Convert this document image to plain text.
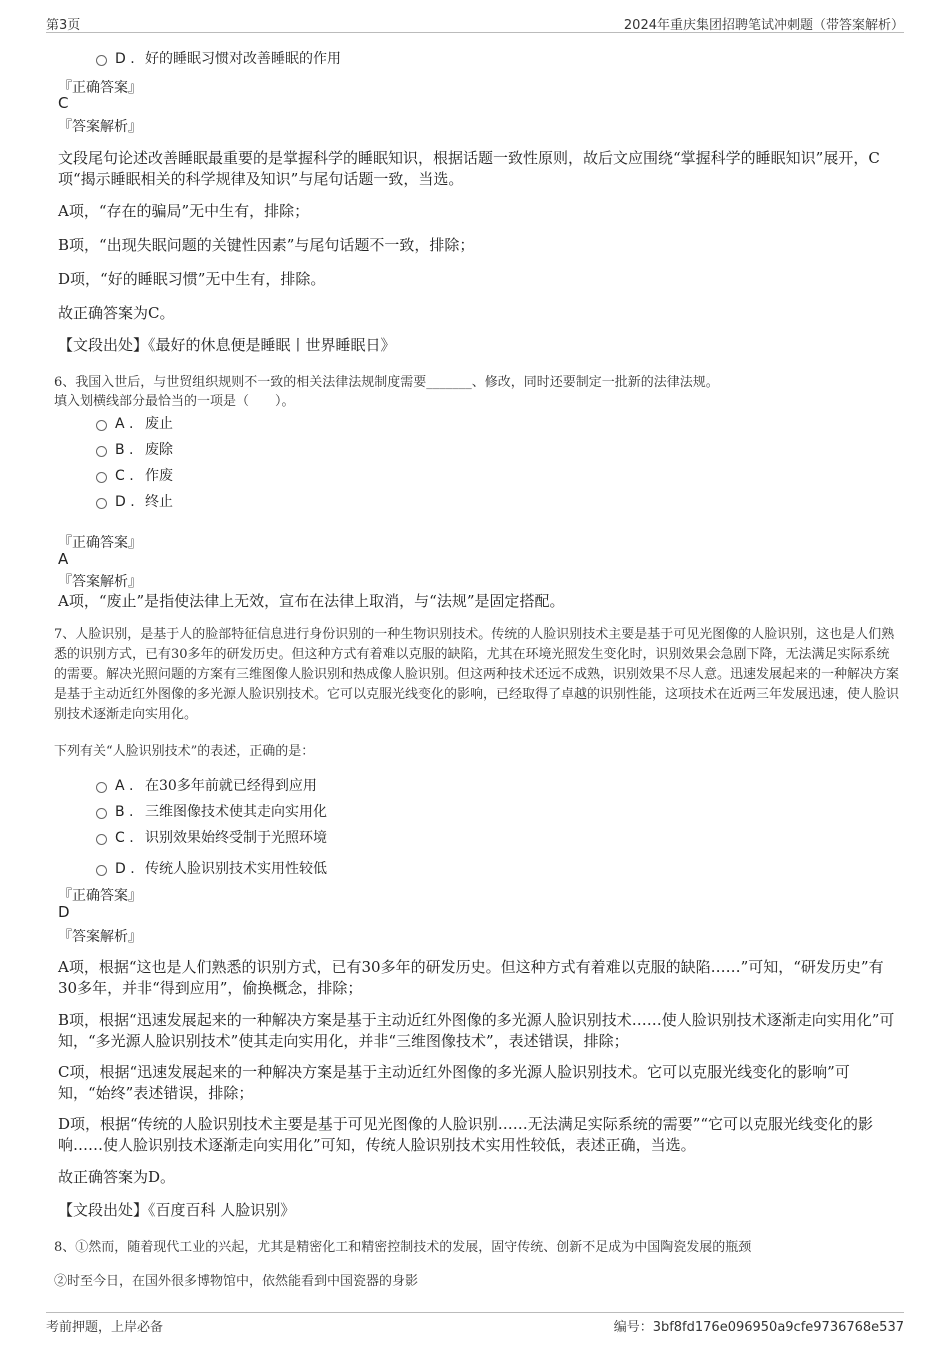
第3页	2024年重庆集团招聘笔试冲刺题（带答案解析）
D . 好的睡眠习惯对改善睡眠的作用
『正确答案』
C
『答案解析』
文段尾句论述改善睡眠最重要的是掌握科学的睡眠知识，根据话题一致性原则，故后文应围绕“掌握科学的睡眠知识”展开，C项“揭示睡眠相关的科学规律及知识”与尾句话题一致，当选。
A项，“存在的骗局”无中生有，排除；
B项，“出现失眠问题的关键性因素”与尾句话题不一致，排除；
D项，“好的睡眠习惯”无中生有，排除。
故正确答案为C。
【文段出处】《最好的休息便是睡眠丨世界睡眠日》
6、我国入世后，与世贸组织规则不一致的相关法律法规制度需要_______、修改，同时还要制定一批新的法律法规。
填入划横线部分最恰当的一项是（　　）。
A . 废止
B . 废除
C . 作废
D . 终止
『正确答案』
A
『答案解析』
A项，“废止”是指使法律上无效，宣布在法律上取消，与“法规”是固定搭配。
7、人脸识别，是基于人的脸部特征信息进行身份识别的一种生物识别技术。传统的人脸识别技术主要是基于可见光图像的人脸识别，这也是人们熟悉的识别方式，已有30多年的研发历史。但这种方式有着难以克服的缺陷，尤其在环境光照发生变化时，识别效果会急剧下降，无法满足实际系统的需要。解决光照问题的方案有三维图像人脸识别和热成像人脸识别。但这两种技术还远不成熟，识别效果不尽人意。迅速发展起来的一种解决方案是基于主动近红外图像的多光源人脸识别技术。它可以克服光线变化的影响，已经取得了卓越的识别性能，这项技术在近两三年发展迅速，使人脸识别技术逐渐走向实用化。
下列有关“人脸识别技术”的表述，正确的是：
A . 在30多年前就已经得到应用
B . 三维图像技术使其走向实用化
C . 识别效果始终受制于光照环境
D . 传统人脸识别技术实用性较低
『正确答案』
D
『答案解析』
A项，根据“这也是人们熟悉的识别方式，已有30多年的研发历史。但这种方式有着难以克服的缺陷……”可知，“研发历史”有30多年，并非“得到应用”，偷换概念，排除；
B项，根据“迅速发展起来的一种解决方案是基于主动近红外图像的多光源人脸识别技术……使人脸识别技术逐渐走向实用化”可知，“多光源人脸识别技术”使其走向实用化，并非“三维图像技术”，表述错误，排除；
C项，根据“迅速发展起来的一种解决方案是基于主动近红外图像的多光源人脸识别技术。它可以克服光线变化的影响”可知，“始终”表述错误，排除；
D项，根据“传统的人脸识别技术主要是基于可见光图像的人脸识别……无法满足实际系统的需要”“它可以克服光线变化的影响……使人脸识别技术逐渐走向实用化”可知，传统人脸识别技术实用性较低，表述正确，当选。
故正确答案为D。
【文段出处】《百度百科 人脸识别》
8、①然而，随着现代工业的兴起，尤其是精密化工和精密控制技术的发展，固守传统、创新不足成为中国陶瓷发展的瓶颈
②时至今日，在国外很多博物馆中，依然能看到中国瓷器的身影
考前押题，上岸必备	编号：3bf8fd176e096950a9cfe9736768e537
